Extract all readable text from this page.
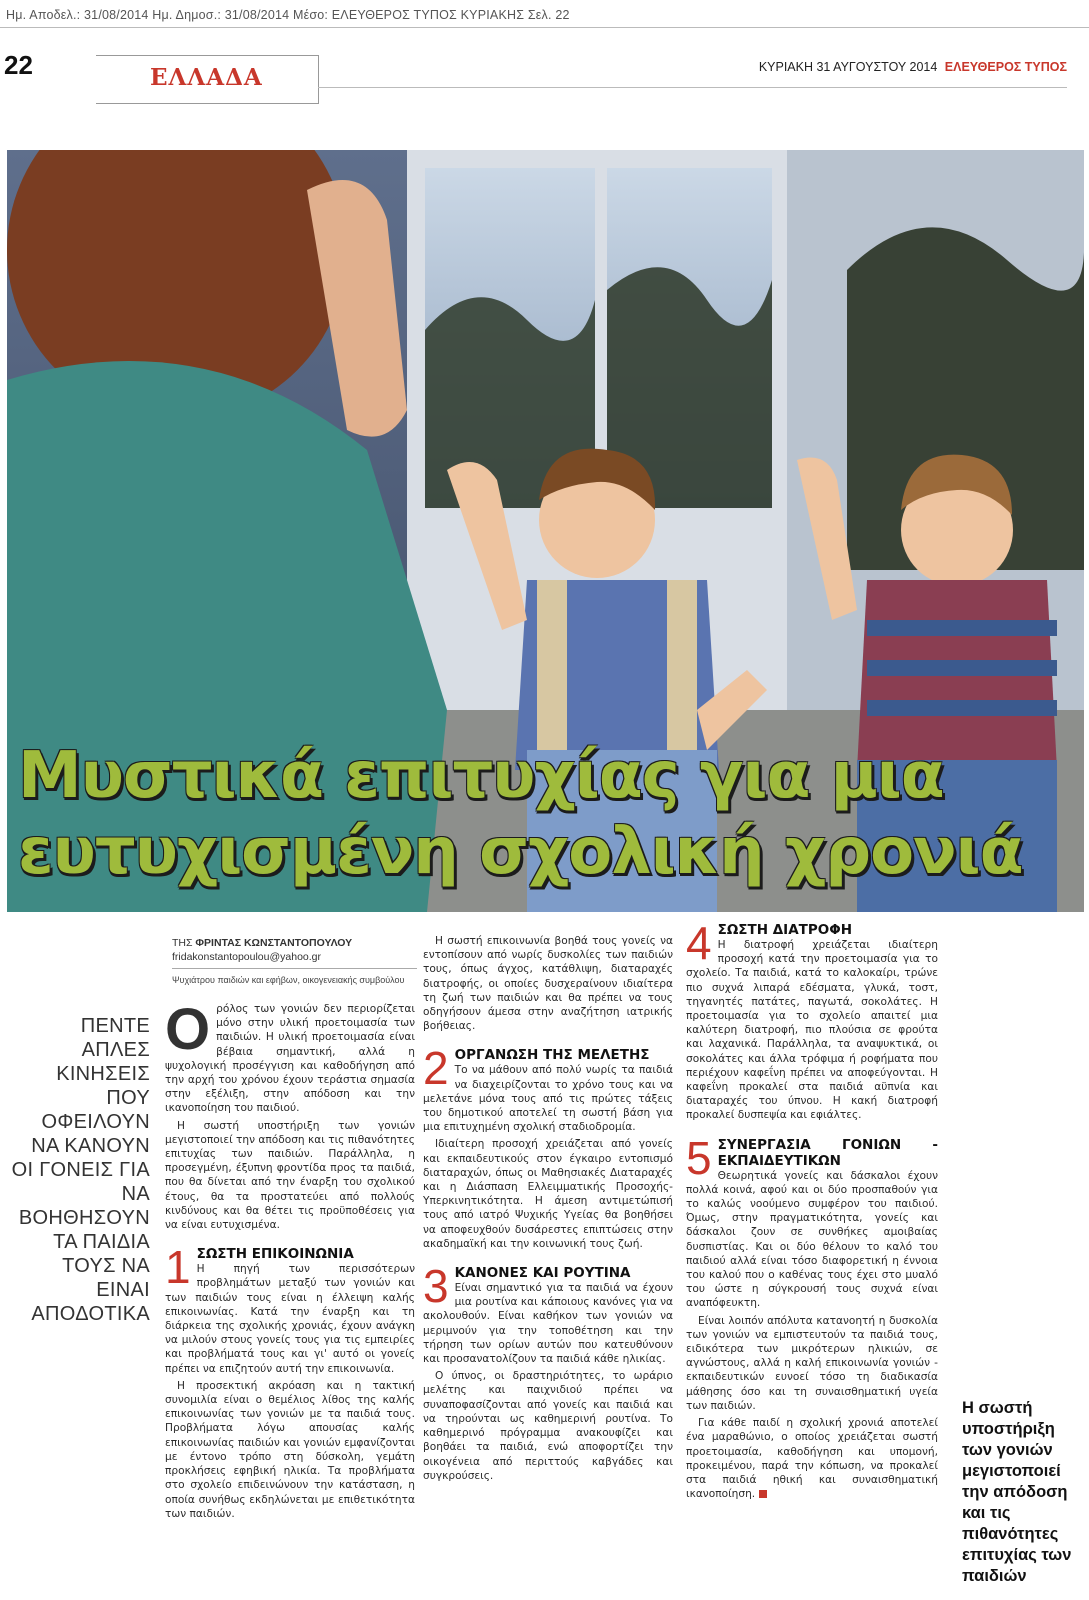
Ημ. Αποδελ.: 31/08/2014 Ημ. Δημοσ.: 31/08/2014 Μέσο: ΕΛΕΥΘΕΡΟΣ ΤΥΠΟΣ ΚΥΡΙΑΚΗΣ Σελ. 22
22	ΕΛΛΑΔΑ	ΚΥΡΙΑΚΗ 31 ΑΥΓΟΥΣΤΟΥ 2014 ΕΛΕΥΘΕΡΟΣ ΤΥΠΟΣ
Μυστικά επιτυχίας για μια ευτυχισμένη σχολική χρονιά
ΤΗΣ ΦΡΙΝΤΑΣ ΚΩΝΣΤΑΝΤΟΠΟΥΛΟΥ
fridakonstantopoulou@yahoo.gr
Ψυχιάτρου παιδιών και εφήβων, οικογενειακής συμβούλου
ΠΕΝΤΕ ΑΠΛΕΣ ΚΙΝΗΣΕΙΣ ΠΟΥ ΟΦΕΙΛΟΥΝ ΝΑ ΚΑΝΟΥΝ ΟΙ ΓΟΝΕΙΣ ΓΙΑ ΝΑ ΒΟΗΘΗΣΟΥΝ ΤΑ ΠΑΙΔΙΑ ΤΟΥΣ ΝΑ ΕΙΝΑΙ ΑΠΟΔΟΤΙΚΑ

Ορόλος των γονιών δεν περιορίζεται μόνο στην υλική προετοιμασία των παιδιών. Η υλική προετοιμασία είναι βέβαια σημαντική, αλλά η ψυχολογική προσέγγιση και καθοδήγηση από την αρχή του χρόνου έχουν τεράστια σημασία στην εξέλιξη, στην απόδοση και την ικανοποίηση του παιδιού.

Η σωστή υποστήριξη των γονιών μεγιστοποιεί την απόδοση και τις πιθανότητες επιτυχίας των παιδιών. Παράλληλα, η προσεγμένη, έξυπνη φροντίδα προς τα παιδιά, που θα δίνεται από την έναρξη του σχολικού έτους, θα τα προστατεύει από πολλούς κινδύνους και θα θέτει τις προϋποθέσεις για να είναι ευτυχισμένα.

1 ΣΩΣΤΗ ΕΠΙΚΟΙΝΩΝΙΑ

Η πηγή των περισσότερων προβλημάτων μεταξύ των γονιών και των παιδιών τους είναι η έλλειψη καλής επικοινωνίας. Κατά την έναρξη και τη διάρκεια της σχολικής χρονιάς, έχουν ανάγκη να μιλούν στους γονείς τους για τις εμπειρίες και προβλήματά τους και γι' αυτό οι γονείς πρέπει να επιζητούν αυτή την επικοινωνία.

Η προσεκτική ακρόαση και η τακτική συνομιλία είναι ο θεμέλιος λίθος της καλής επικοινωνίας των γονιών με τα παιδιά τους. Προβλήματα λόγω απουσίας καλής επικοινωνίας παιδιών και γονιών εμφανίζονται με έντονο τρόπο στη δύσκολη, γεμάτη προκλήσεις εφηβική ηλικία. Τα προβλήματα στο σχολείο επιδεινώνουν την κατάσταση, η οποία συνήθως εκδηλώνεται με επιθετικότητα των παιδιών.

Η σωστή επικοινωνία βοηθά τους γονείς να εντοπίσουν από νωρίς δυσκολίες των παιδιών τους, όπως άγχος, κατάθλιψη, διαταραχές διατροφής, οι οποίες δυσχεραίνουν ιδιαίτερα τη ζωή των παιδιών και θα πρέπει να τους οδηγήσουν άμεσα στην αναζήτηση ιατρικής βοήθειας.

2 ΟΡΓΑΝΩΣΗ ΤΗΣ ΜΕΛΕΤΗΣ

Το να μάθουν από πολύ νωρίς τα παιδιά να διαχειρίζονται το χρόνο τους και να μελετάνε μόνα τους από τις πρώτες τάξεις του δημοτικού αποτελεί τη σωστή βάση για μια επιτυχημένη σχολική σταδιοδρομία.

Ιδιαίτερη προσοχή χρειάζεται από γονείς και εκπαιδευτικούς στον έγκαιρο εντοπισμό διαταραχών, όπως οι Μαθησιακές Διαταραχές και η Διάσπαση Ελλειμματικής Προσοχής-Υπερκινητικότητα. Η άμεση αντιμετώπισή τους από ιατρό Ψυχικής Υγείας θα βοηθήσει να αποφευχθούν δυσάρεστες επιπτώσεις στην ακαδημαϊκή και την κοινωνική τους ζωή.

3 ΚΑΝΟΝΕΣ ΚΑΙ ΡΟΥΤΙΝΑ

Είναι σημαντικό για τα παιδιά να έχουν μια ρουτίνα και κάποιους κανόνες για να ακολουθούν. Είναι καθήκον των γονιών να μεριμνούν για την τοποθέτηση και την τήρηση των ορίων αυτών που κατευθύνουν και προσανατολίζουν τα παιδιά κάθε ηλικίας.

Ο ύπνος, οι δραστηριότητες, το ωράριο μελέτης και παιχνιδιού πρέπει να συναποφασίζονται από γονείς και παιδιά και να τηρούνται ως καθημερινή ρουτίνα. Το καθημερινό πρόγραμμα ανακουφίζει και βοηθάει τα παιδιά, ενώ αποφορτίζει την οικογένεια από περιττούς καβγάδες και συγκρούσεις.

4 ΣΩΣΤΗ ΔΙΑΤΡΟΦΗ

Η διατροφή χρειάζεται ιδιαίτερη προσοχή κατά την προετοιμασία για το σχολείο. Τα παιδιά, κατά το καλοκαίρι, τρώνε πιο συχνά λιπαρά εδέσματα, γλυκά, τοστ, τηγανητές πατάτες, παγωτά, σοκολάτες. Η προετοιμασία για το σχολείο απαιτεί μια καλύτερη διατροφή, πιο πλούσια σε φρούτα και λαχανικά. Παράλληλα, τα αναψυκτικά, οι σοκολάτες και άλλα τρόφιμα ή ροφήματα που περιέχουν καφεΐνη πρέπει να αποφεύγονται. Η καφεΐνη προκαλεί στα παιδιά αϋπνία και διαταραχές του ύπνου. Η κακή διατροφή προκαλεί δυσπεψία και εφιάλτες.

5 ΣΥΝΕΡΓΑΣΙΑ ΓΟΝΙΩΝ - ΕΚΠΑΙΔΕΥΤΙΚΩΝ

Θεωρητικά γονείς και δάσκαλοι έχουν πολλά κοινά, αφού και οι δύο προσπαθούν για το καλώς νοούμενο συμφέρον του παιδιού. Όμως, στην πραγματικότητα, γονείς και δάσκαλοι ζουν σε συνθήκες αμοιβαίας δυσπιστίας. Και οι δύο θέλουν το καλό του παιδιού αλλά είναι τόσο διαφορετική η έννοια του καλού που ο καθένας τους έχει στο μυαλό του ώστε η σύγκρουσή τους συχνά είναι αναπόφευκτη.

Είναι λοιπόν απόλυτα κατανοητή η δυσκολία των γονιών να εμπιστευτούν τα παιδιά τους, ειδικότερα των μικρότερων ηλικιών, σε αγνώστους, αλλά η καλή επικοινωνία γονιών - εκπαιδευτικών ευνοεί τόσο τη διαδικασία μάθησης όσο και τη συναισθηματική υγεία των παιδιών.

Για κάθε παιδί η σχολική χρονιά αποτελεί ένα μαραθώνιο, ο οποίος χρειάζεται σωστή προετοιμασία, καθοδήγηση και υπομονή, προκειμένου, παρά την κόπωση, να προκαλεί στα παιδιά ηθική και συναισθηματική ικανοποίηση.

Η σωστή υποστήριξη των γονιών μεγιστοποιεί την απόδοση και τις πιθανότητες επιτυχίας των παιδιών
